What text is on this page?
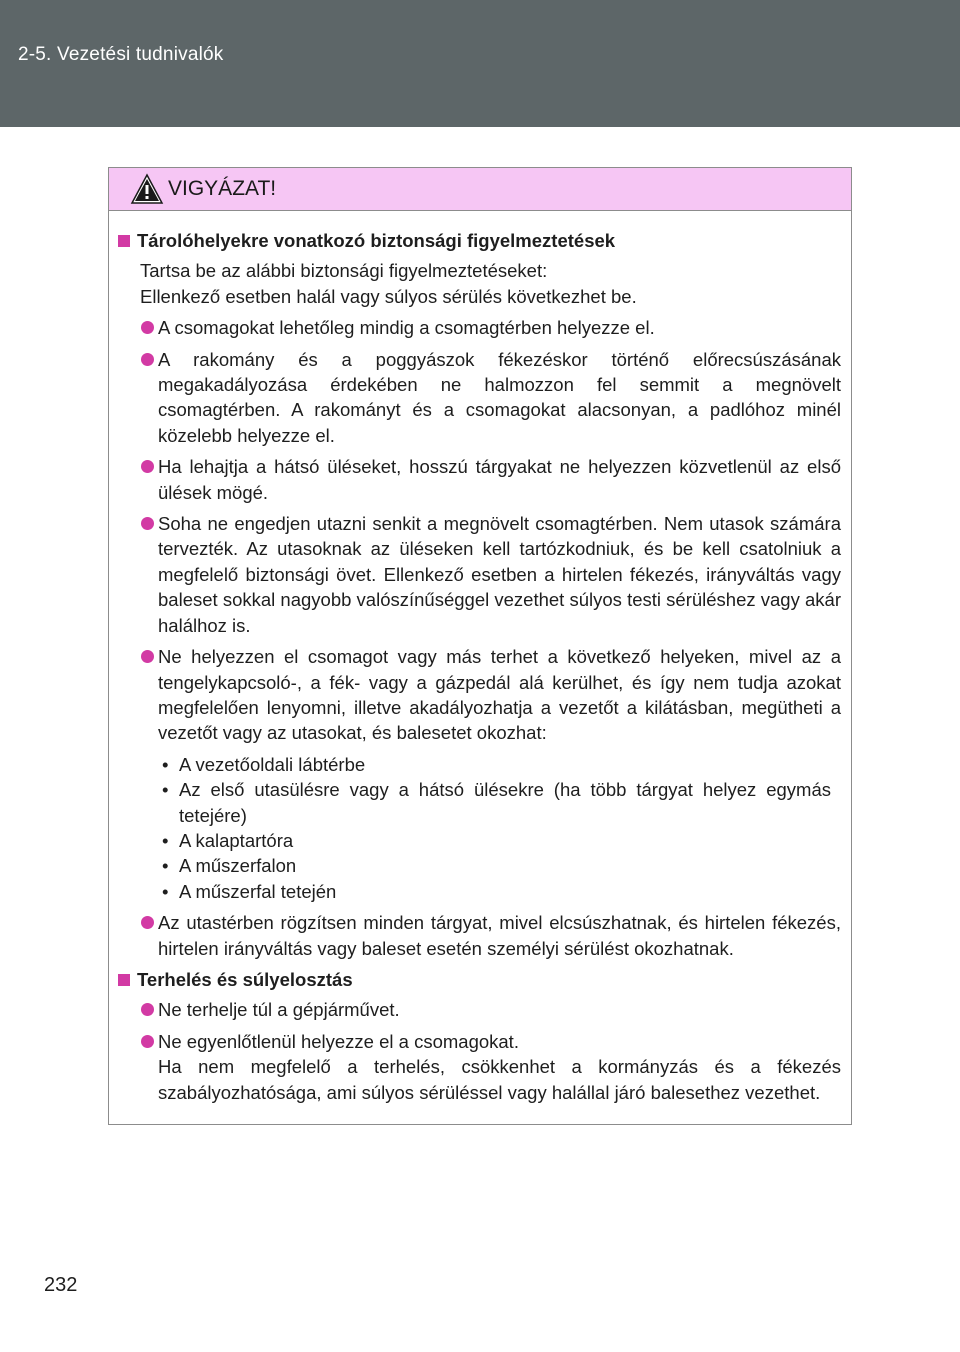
2-5. Vezetési tudnivalók
VIGYÁZAT!
Tárolóhelyekre vonatkozó biztonsági figyelmeztetések
Tartsa be az alábbi biztonsági figyelmeztetéseket:
Ellenkező esetben halál vagy súlyos sérülés következhet be.
A csomagokat lehetőleg mindig a csomagtérben helyezze el.
A rakomány és a poggyászok fékezéskor történő előrecsúszásának megakadályozása érdekében ne halmozzon fel semmit a megnövelt csomagtérben. A rakományt és a csomagokat alacsonyan, a padlóhoz minél közelebb helyezze el.
Ha lehajtja a hátsó üléseket, hosszú tárgyakat ne helyezzen közvetlenül az első ülések mögé.
Soha ne engedjen utazni senkit a megnövelt csomagtérben. Nem utasok számára tervezték. Az utasoknak az üléseken kell tartózkodniuk, és be kell csatolniuk a megfelelő biztonsági övet. Ellenkező esetben a hirtelen fékezés, irányváltás vagy baleset sokkal nagyobb valószínűséggel vezethet súlyos testi sérüléshez vagy akár halálhoz is.
Ne helyezzen el csomagot vagy más terhet a következő helyeken, mivel az a tengelykapcsoló-, a fék- vagy a gázpedál alá kerülhet, és így nem tudja azokat megfelelően lenyomni, illetve akadályozhatja a vezetőt a kilátásban, megütheti a vezetőt vagy az utasokat, és balesetet okozhat:
• A vezetőoldali lábtérbe
• Az első utasülésre vagy a hátsó ülésekre (ha több tárgyat helyez egymás tetejére)
• A kalaptartóra
• A műszerfalon
• A műszerfal tetején
Az utastérben rögzítsen minden tárgyat, mivel elcsúszhatnak, és hirtelen fékezés, hirtelen irányváltás vagy baleset esetén személyi sérülést okozhatnak.
Terhelés és súlyelosztás
Ne terhelje túl a gépjárművet.
Ne egyenlőtlenül helyezze el a csomagokat.
Ha nem megfelelő a terhelés, csökkenhet a kormányzás és a fékezés szabályozhatósága, ami súlyos sérüléssel vagy halállal járó balesethez vezethet.
232
